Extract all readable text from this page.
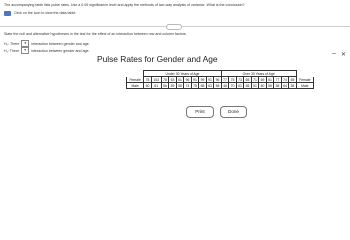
The accompanying table lists pulse rates. Use a 0.05 significance level and apply the methods of two-way analysis of variance. What is the conclusion?
Click on the icon to view the data table.
State the null and alternative hypotheses in the test for the effect of an interaction between row and column factors.
H₀: There	▾	interaction between gender and age.
H₁: There	▾	interaction between gender and age.
Pulse Rates for Gender and Age
– ✕
	Under 30 Years of Age										Over 30 Years of Age										
Female	78	103	78	63	61	96	91	99	91	96	77	75	73	65	71	69	61	77	74	65	Female
Male	60	61	56	59	58	74	75	68	63	58	46	70	61	65	51	60	55	58	64	58	Male
Print	Done
